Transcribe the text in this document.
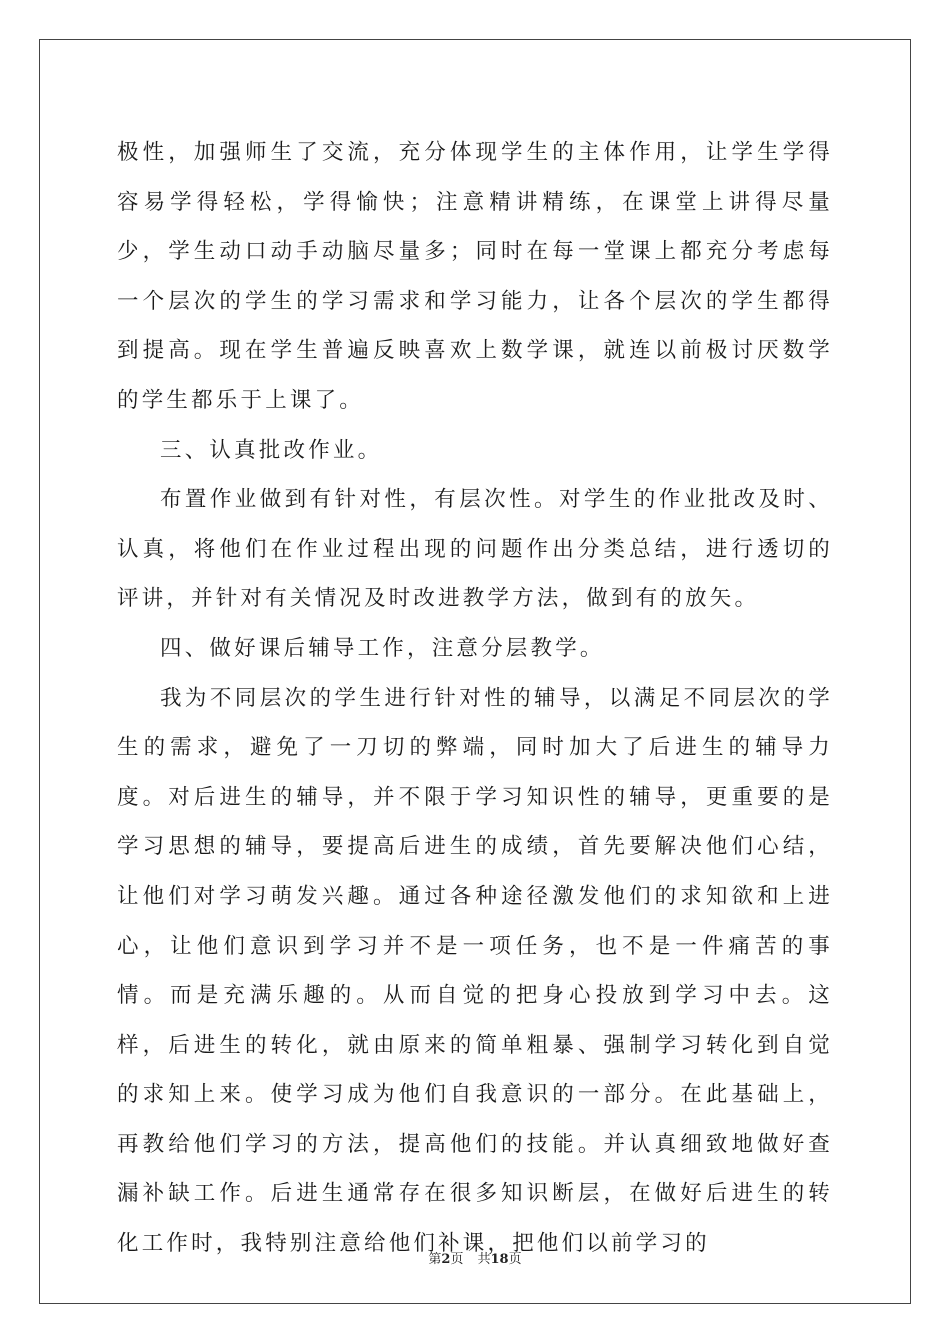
极性，加强师生了交流，充分体现学生的主体作用，让学生学得容易学得轻松，学得愉快；注意精讲精练，在课堂上讲得尽量少，学生动口动手动脑尽量多；同时在每一堂课上都充分考虑每一个层次的学生的学习需求和学习能力，让各个层次的学生都得到提高。现在学生普遍反映喜欢上数学课，就连以前极讨厌数学的学生都乐于上课了。

三、认真批改作业。

布置作业做到有针对性，有层次性。对学生的作业批改及时、认真，将他们在作业过程出现的问题作出分类总结，进行透切的评讲，并针对有关情况及时改进教学方法，做到有的放矢。

四、做好课后辅导工作，注意分层教学。

我为不同层次的学生进行针对性的辅导，以满足不同层次的学生的需求，避免了一刀切的弊端，同时加大了后进生的辅导力度。对后进生的辅导，并不限于学习知识性的辅导，更重要的是学习思想的辅导，要提高后进生的成绩，首先要解决他们心结，让他们对学习萌发兴趣。通过各种途径激发他们的求知欲和上进心，让他们意识到学习并不是一项任务，也不是一件痛苦的事情。而是充满乐趣的。从而自觉的把身心投放到学习中去。这样，后进生的转化，就由原来的简单粗暴、强制学习转化到自觉的求知上来。使学习成为他们自我意识的一部分。在此基础上，再教给他们学习的方法，提高他们的技能。并认真细致地做好查漏补缺工作。后进生通常存在很多知识断层，在做好后进生的转化工作时，我特别注意给他们补课，把他们以前学习的

第2页 共18页
